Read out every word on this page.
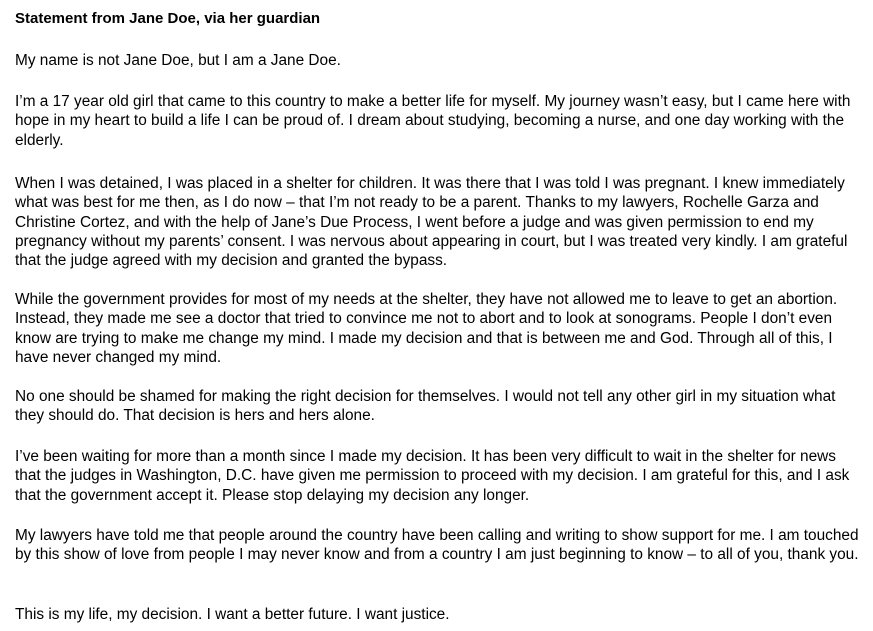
Statement from Jane Doe, via her guardian

My name is not Jane Doe, but I am a Jane Doe.

I’m a 17 year old girl that came to this country to make a better life for myself. My journey wasn’t easy, but I came here with hope in my heart to build a life I can be proud of. I dream about studying, becoming a nurse, and one day working with the elderly.

When I was detained, I was placed in a shelter for children. It was there that I was told I was pregnant. I knew immediately what was best for me then, as I do now – that I’m not ready to be a parent. Thanks to my lawyers, Rochelle Garza and Christine Cortez, and with the help of Jane’s Due Process, I went before a judge and was given permission to end my pregnancy without my parents’ consent. I was nervous about appearing in court, but I was treated very kindly. I am grateful that the judge agreed with my decision and granted the bypass.

While the government provides for most of my needs at the shelter, they have not allowed me to leave to get an abortion. Instead, they made me see a doctor that tried to convince me not to abort and to look at sonograms. People I don’t even know are trying to make me change my mind. I made my decision and that is between me and God. Through all of this, I have never changed my mind.

No one should be shamed for making the right decision for themselves. I would not tell any other girl in my situation what they should do. That decision is hers and hers alone.

I’ve been waiting for more than a month since I made my decision. It has been very difficult to wait in the shelter for news that the judges in Washington, D.C. have given me permission to proceed with my decision. I am grateful for this, and I ask that the government accept it. Please stop delaying my decision any longer.

My lawyers have told me that people around the country have been calling and writing to show support for me. I am touched by this show of love from people I may never know and from a country I am just beginning to know – to all of you, thank you.

This is my life, my decision. I want a better future. I want justice.
